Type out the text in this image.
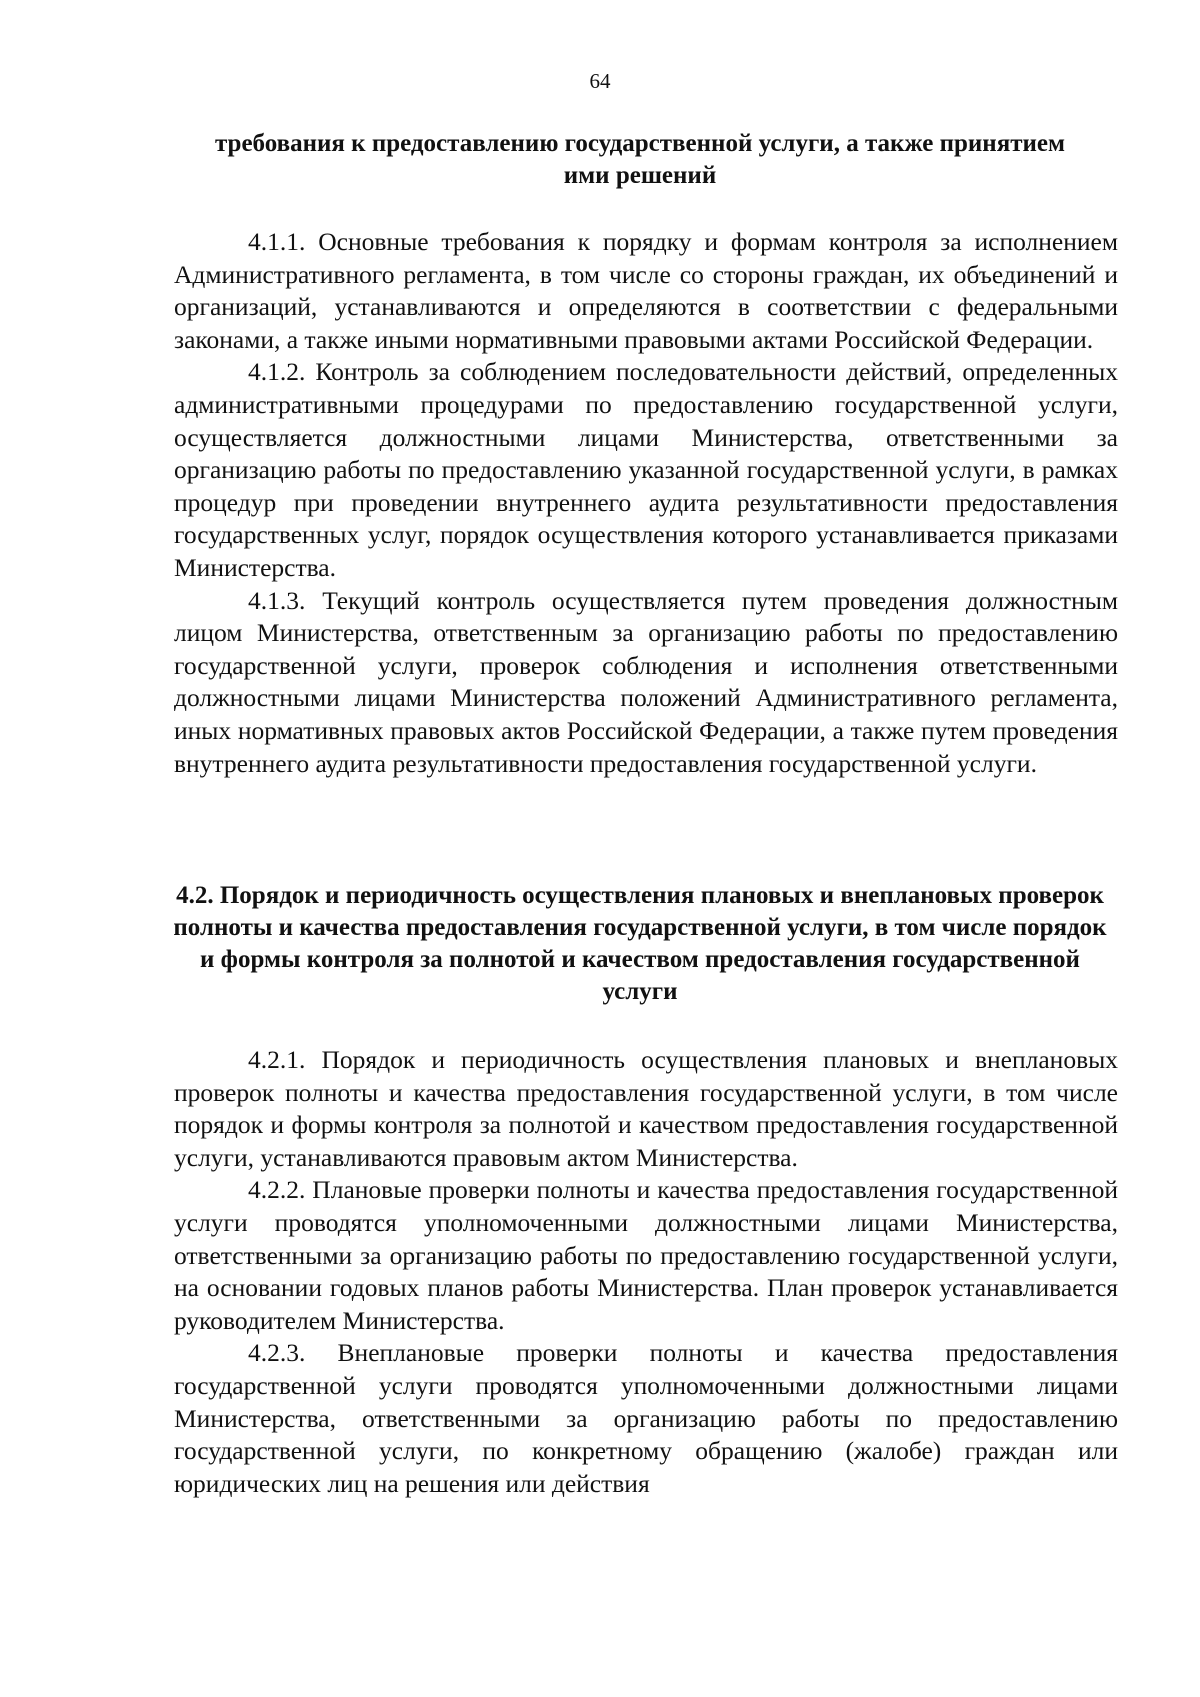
64
требования к предоставлению государственной услуги, а также принятием ими решений

4.1.1. Основные требования к порядку и формам контроля за исполнением Административного регламента, в том числе со стороны граждан, их объединений и организаций, устанавливаются и определяются в соответствии с федеральными законами, а также иными нормативными правовыми актами Российской Федерации.

4.1.2. Контроль за соблюдением последовательности действий, определенных административными процедурами по предоставлению государственной услуги, осуществляется должностными лицами Министерства, ответственными за организацию работы по предоставлению указанной государственной услуги, в рамках процедур при проведении внутреннего аудита результативности предоставления государственных услуг, порядок осуществления которого устанавливается приказами Министерства.

4.1.3. Текущий контроль осуществляется путем проведения должностным лицом Министерства, ответственным за организацию работы по предоставлению государственной услуги, проверок соблюдения и исполнения ответственными должностными лицами Министерства положений Административного регламента, иных нормативных правовых актов Российской Федерации, а также путем проведения внутреннего аудита результативности предоставления государственной услуги.

4.2. Порядок и периодичность осуществления плановых и внеплановых проверок полноты и качества предоставления государственной услуги, в том числе порядок и формы контроля за полнотой и качеством предоставления государственной услуги

4.2.1. Порядок и периодичность осуществления плановых и внеплановых проверок полноты и качества предоставления государственной услуги, в том числе порядок и формы контроля за полнотой и качеством предоставления государственной услуги, устанавливаются правовым актом Министерства.

4.2.2. Плановые проверки полноты и качества предоставления государственной услуги проводятся уполномоченными должностными лицами Министерства, ответственными за организацию работы по предоставлению государственной услуги, на основании годовых планов работы Министерства. План проверок устанавливается руководителем Министерства.

4.2.3. Внеплановые проверки полноты и качества предоставления государственной услуги проводятся уполномоченными должностными лицами Министерства, ответственными за организацию работы по предоставлению государственной услуги, по конкретному обращению (жалобе) граждан или юридических лиц на решения или действия
